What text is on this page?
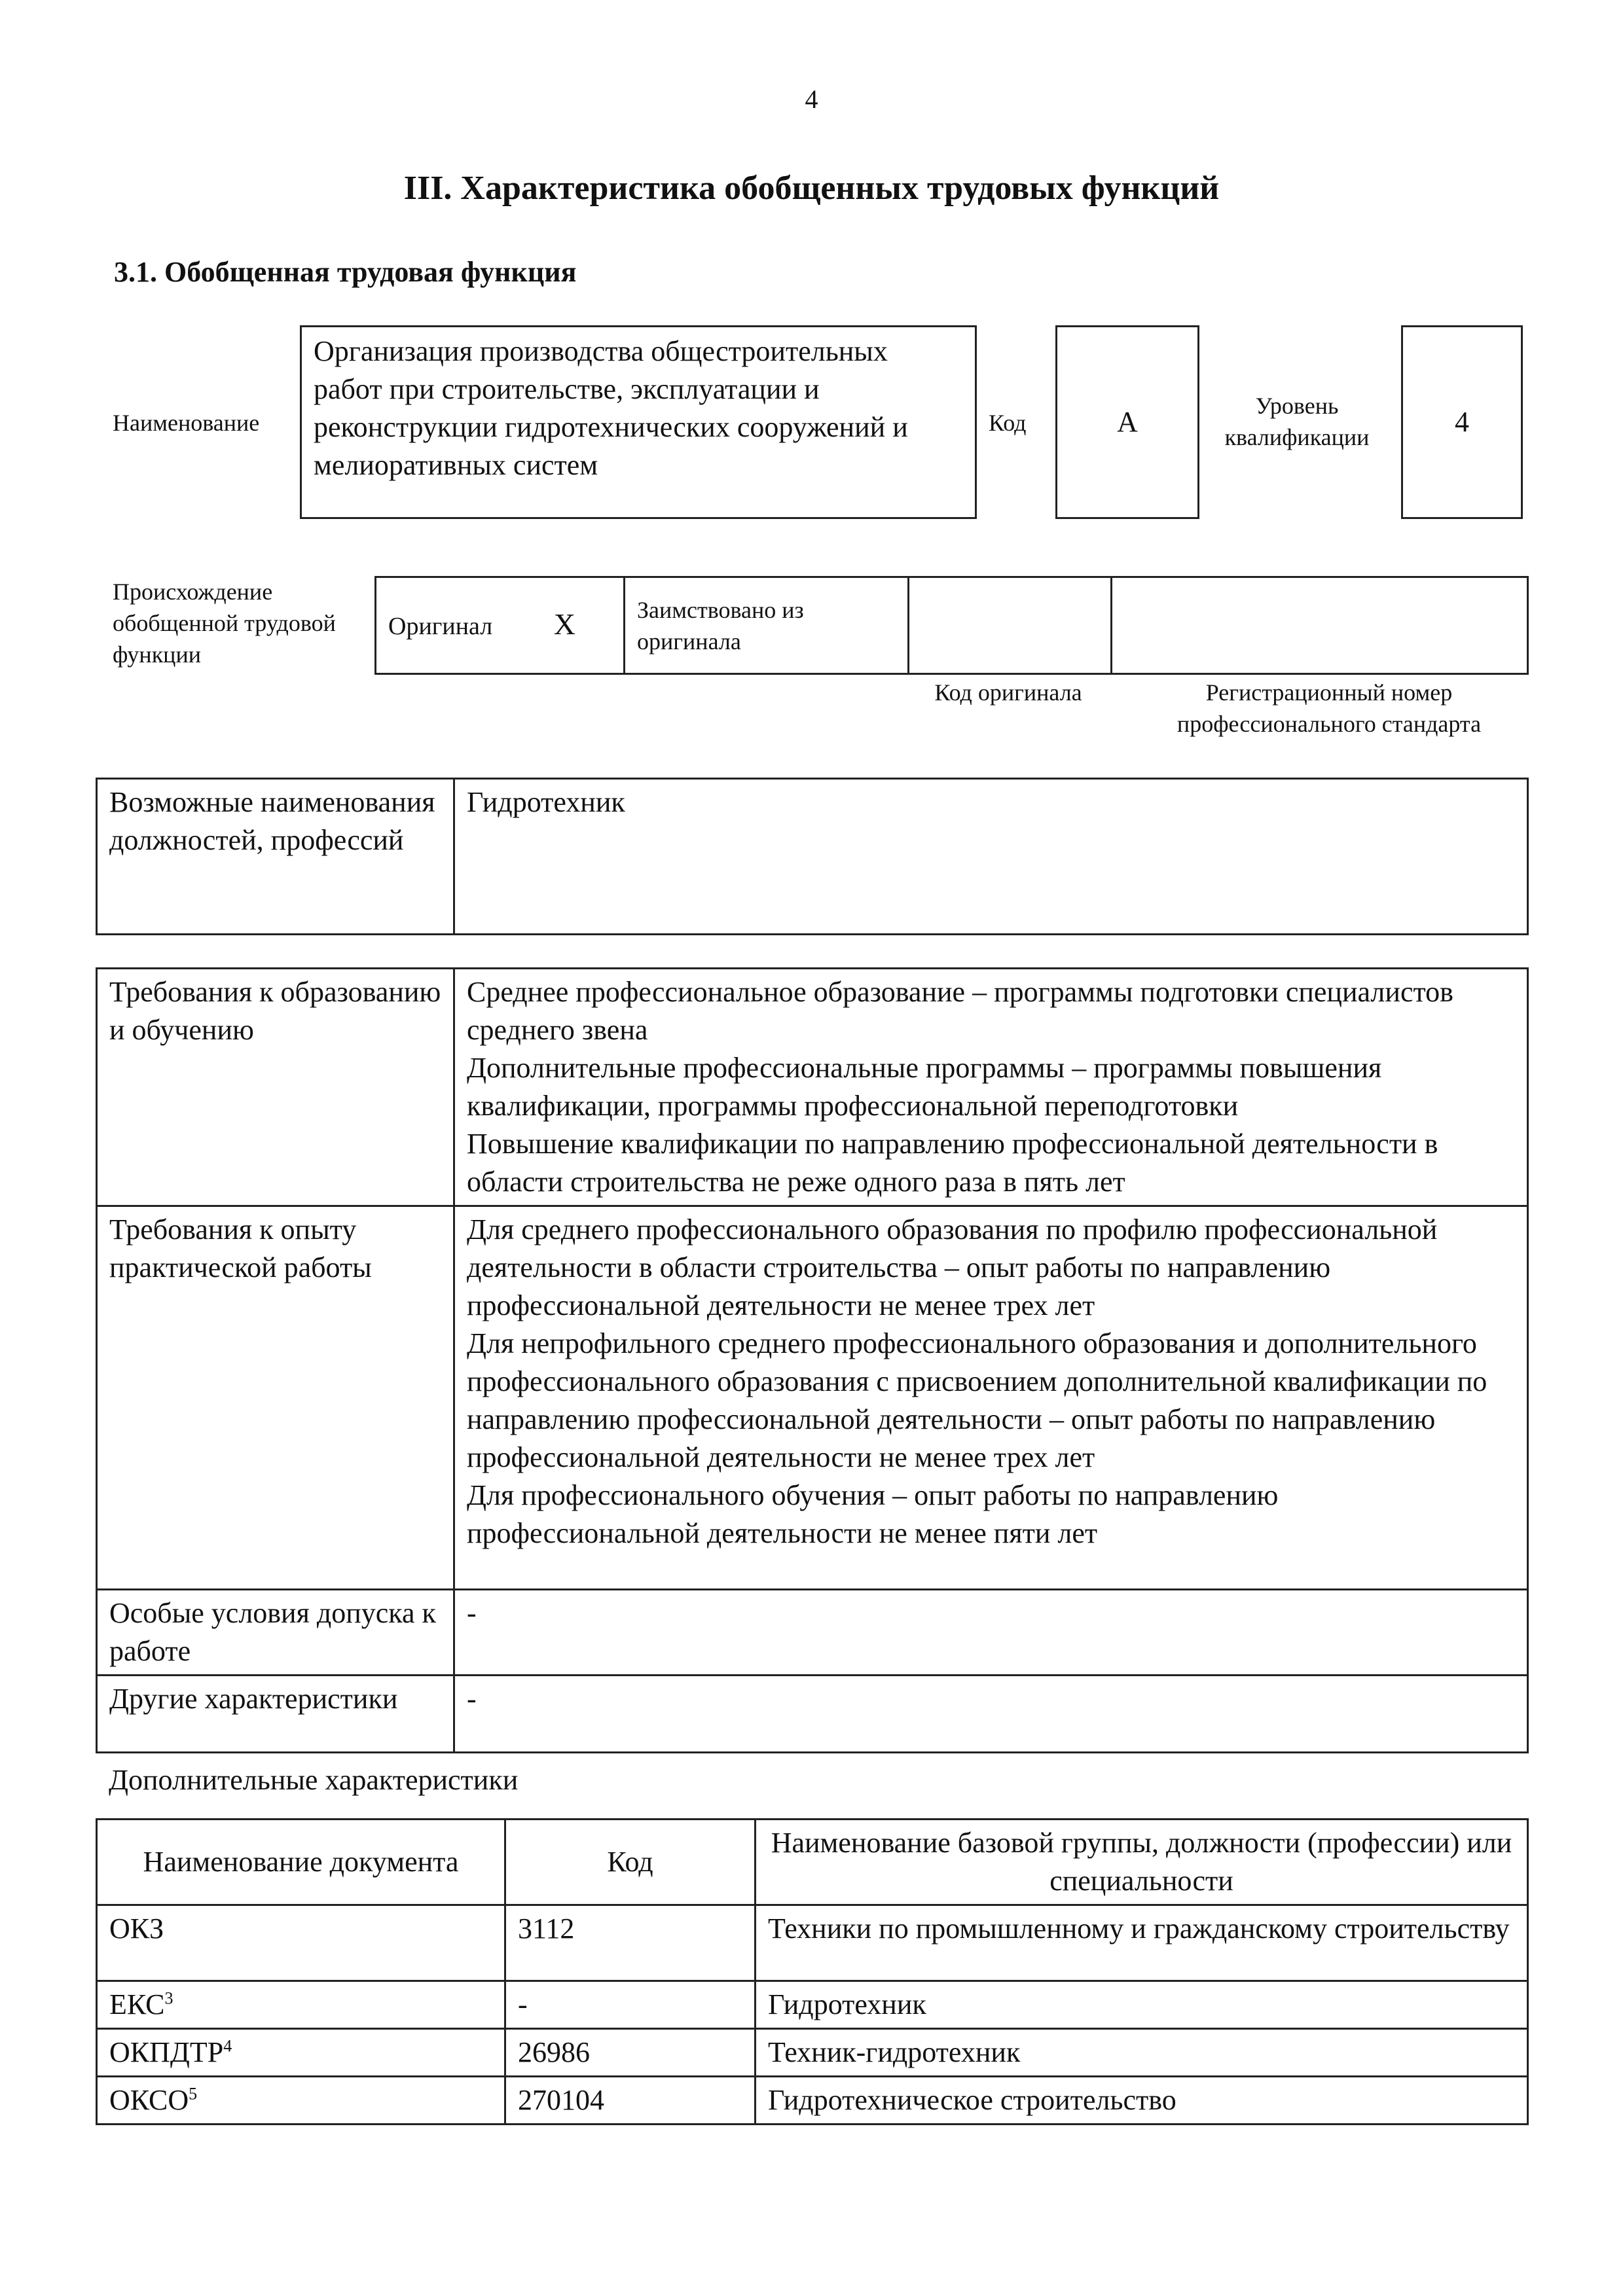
4
III. Характеристика обобщенных трудовых функций
3.1. Обобщенная трудовая функция
Наименование
Организация производства общестроительных работ при строительстве, эксплуатации и реконструкции гидротехнических сооружений и мелиоративных систем
Код	А	Уровень квалификации	4
Происхождение обобщенной трудовой функции
Оригинал Х	Заимствовано из оригинала		
Код оригинала	Регистрационный номер профессионального стандарта
Возможные наименования должностей, профессий	Гидротехник
Требования к образованию и обучению	Среднее профессиональное образование – программы подготовки специалистов среднего звена
Дополнительные профессиональные программы – программы повышения квалификации, программы профессиональной переподготовки
Повышение квалификации по направлению профессиональной деятельности в области строительства не реже одного раза в пять лет
Требования к опыту практической работы	Для среднего профессионального образования по профилю профессиональной деятельности в области строительства – опыт работы по направлению профессиональной деятельности не менее трех лет
Для непрофильного среднего профессионального образования и дополнительного профессионального образования с присвоением дополнительной квалификации по направлению профессиональной деятельности – опыт работы по направлению профессиональной деятельности не менее трех лет
Для профессионального обучения – опыт работы по направлению профессиональной деятельности не менее пяти лет
Особые условия допуска к работе	-
Другие характеристики	-
Дополнительные характеристики
Наименование документа	Код	Наименование базовой группы, должности (профессии) или специальности
ОКЗ	3112	Техники по промышленному и гражданскому строительству
ЕКС$^3$	-	Гидротехник
ОКПДТР$^4$	26986	Техник-гидротехник
ОКСО$^5$	270104	Гидротехническое строительство
